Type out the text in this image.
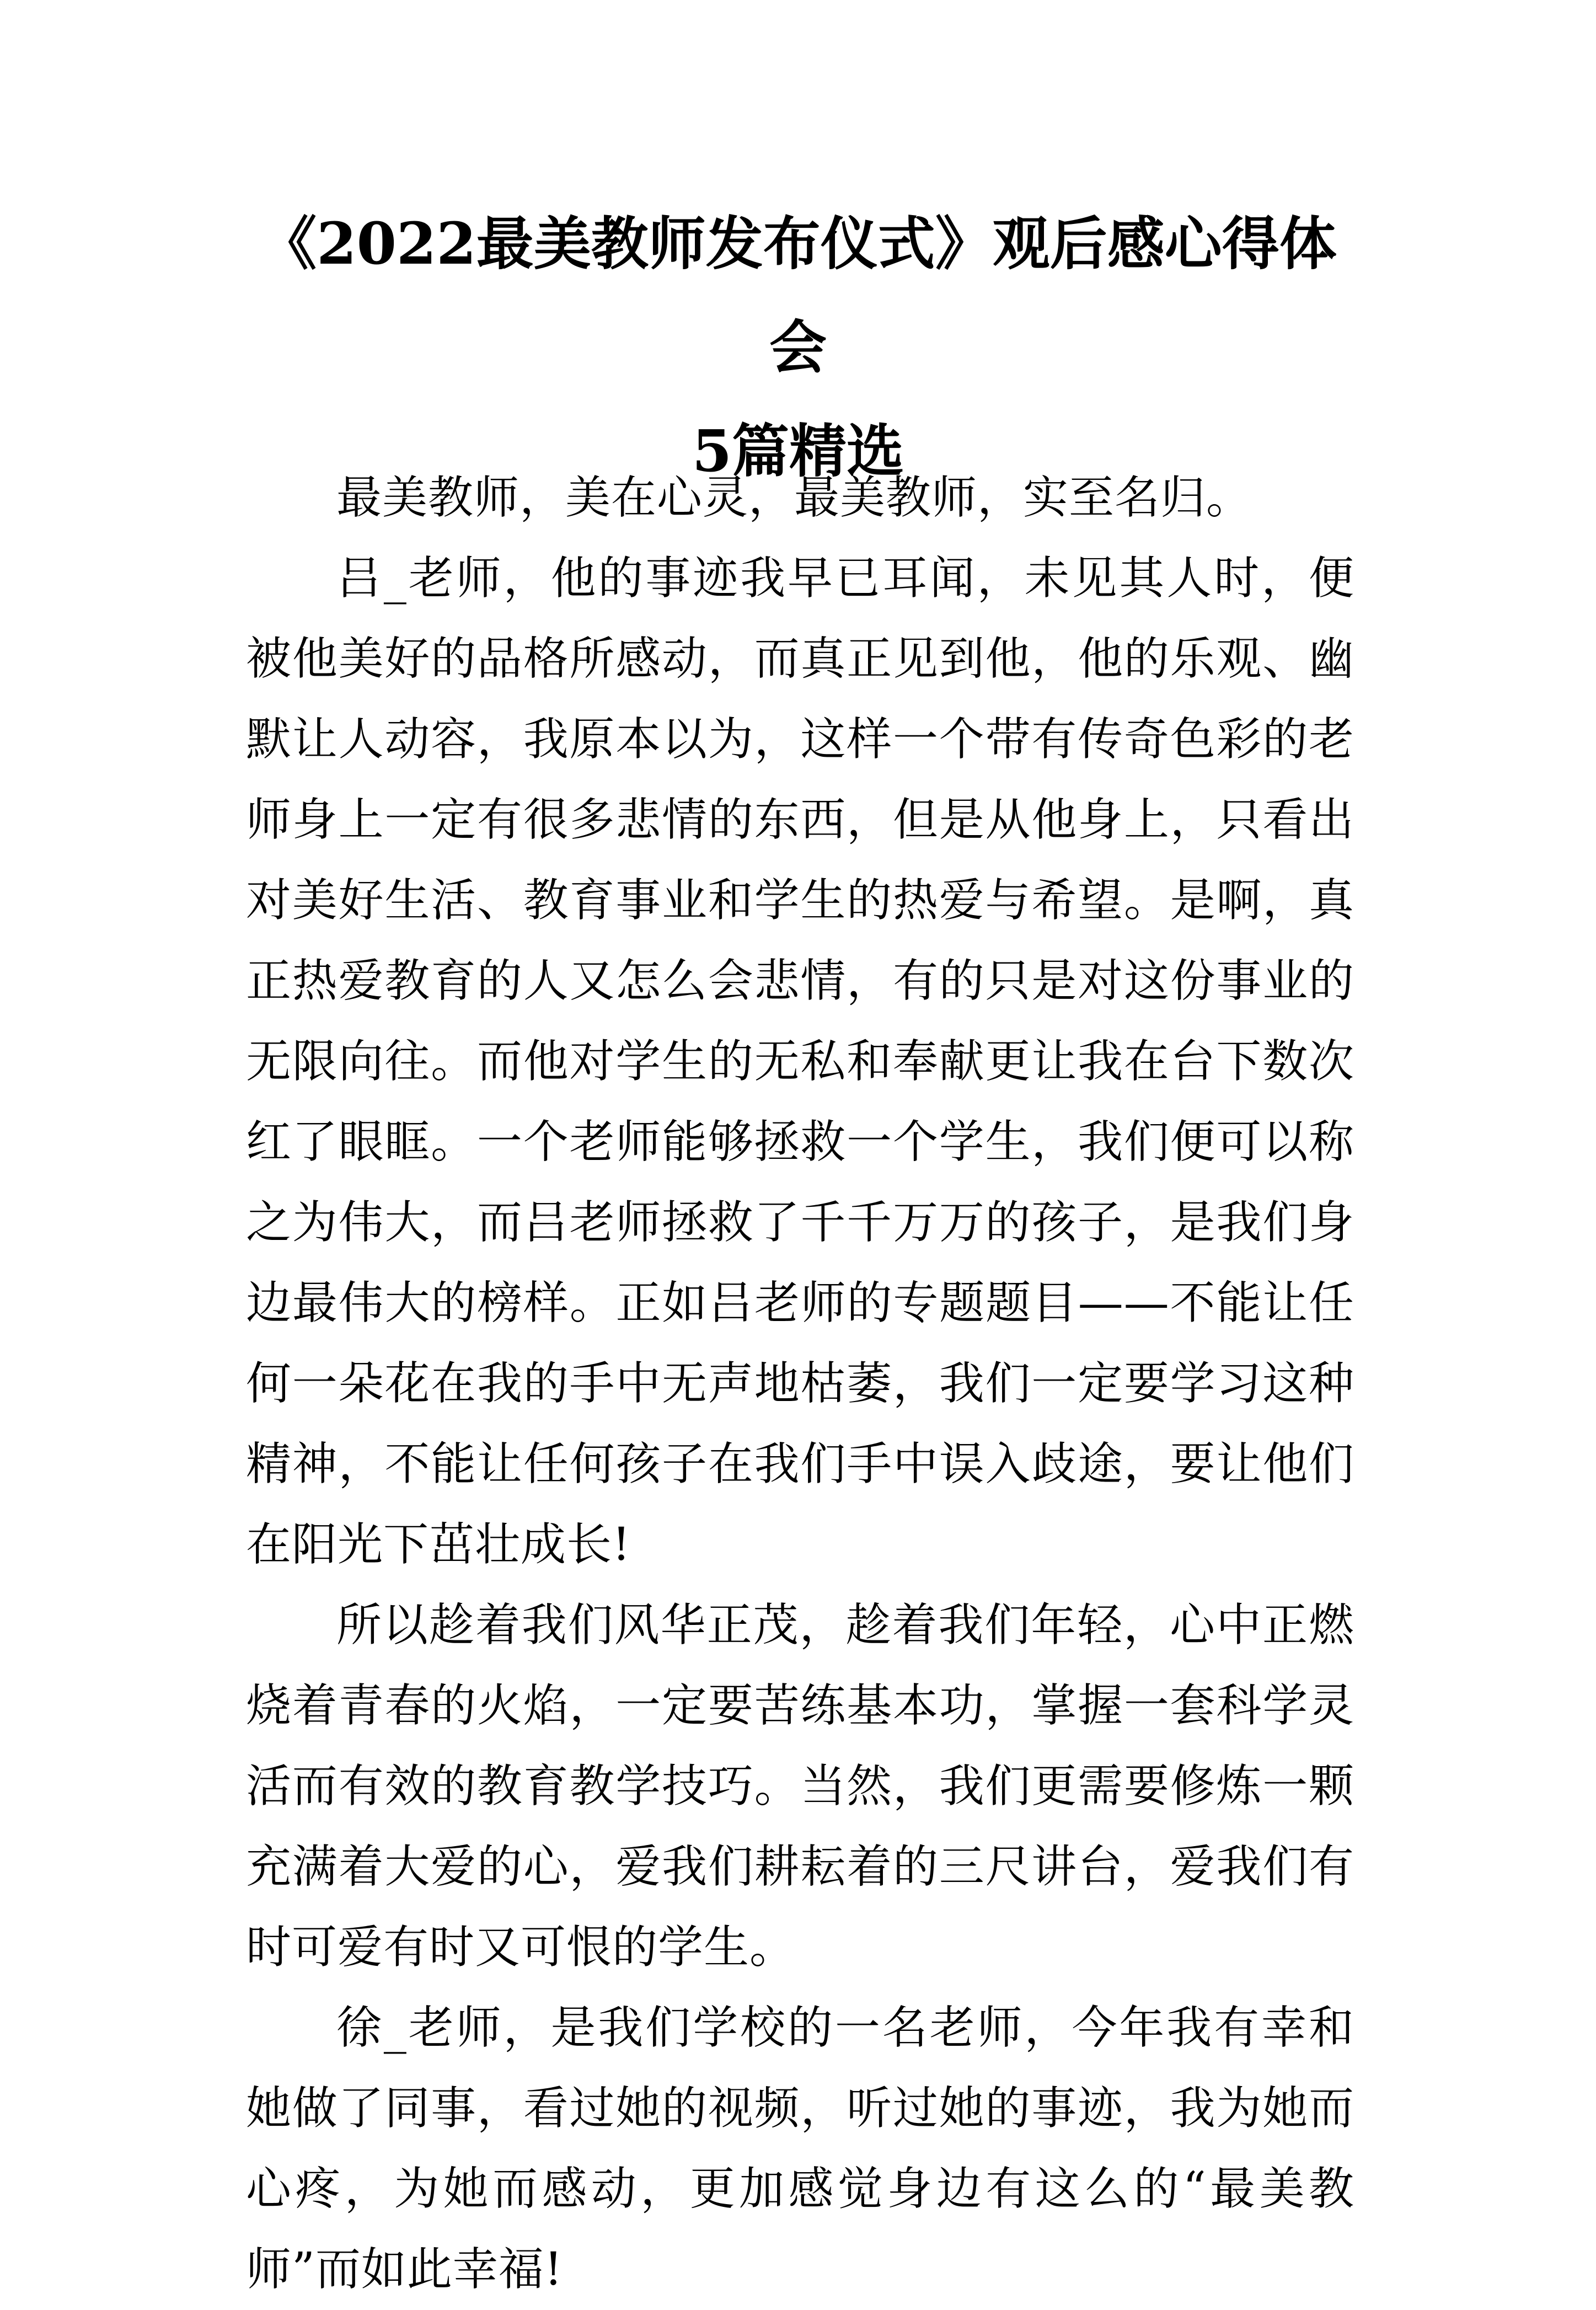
《2022最美教师发布仪式》观后感心得体会
5篇精选

最美教师，美在心灵，最美教师，实至名归。

吕_老师，他的事迹我早已耳闻，未见其人时，便被他美好的品格所感动，而真正见到他，他的乐观、幽默让人动容，我原本以为，这样一个带有传奇色彩的老师身上一定有很多悲情的东西，但是从他身上，只看出对美好生活、教育事业和学生的热爱与希望。是啊，真正热爱教育的人又怎么会悲情，有的只是对这份事业的无限向往。而他对学生的无私和奉献更让我在台下数次红了眼眶。一个老师能够拯救一个学生，我们便可以称之为伟大，而吕老师拯救了千千万万的孩子，是我们身边最伟大的榜样。正如吕老师的专题题目——不能让任何一朵花在我的手中无声地枯萎，我们一定要学习这种精神，不能让任何孩子在我们手中误入歧途，要让他们在阳光下茁壮成长!

所以趁着我们风华正茂，趁着我们年轻，心中正燃烧着青春的火焰，一定要苦练基本功，掌握一套科学灵活而有效的教育教学技巧。当然，我们更需要修炼一颗充满着大爱的心，爱我们耕耘着的三尺讲台，爱我们有时可爱有时又可恨的学生。

徐_老师，是我们学校的一名老师，今年我有幸和她做了同事，看过她的视频，听过她的事迹，我为她而心疼，为她而感动，更加感觉身边有这么的“最美教师”而如此幸福!
